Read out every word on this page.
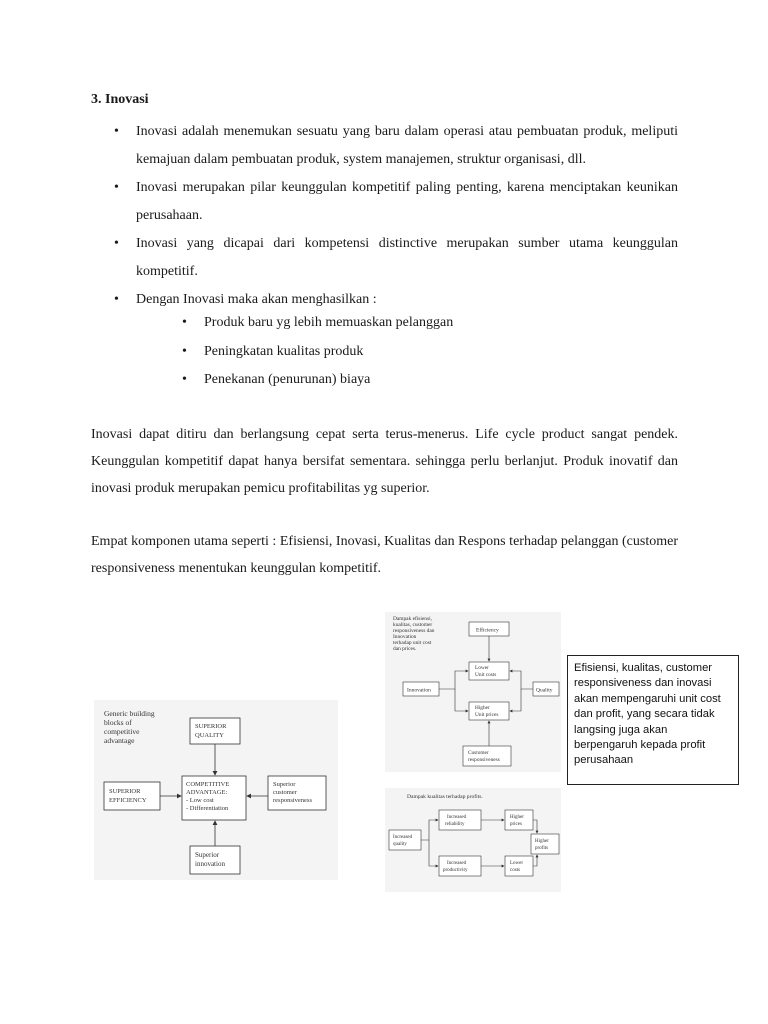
3. Inovasi
• Inovasi adalah menemukan sesuatu yang baru dalam operasi atau pembuatan produk, meliputi kemajuan dalam pembuatan produk, system manajemen, struktur organisasi, dll.
• Inovasi merupakan pilar keunggulan kompetitif paling penting, karena menciptakan keunikan perusahaan.
• Inovasi yang dicapai dari kompetensi distinctive merupakan sumber utama keunggulan kompetitif.
• Dengan Inovasi maka akan menghasilkan :
• Produk baru yg lebih memuaskan pelanggan
• Peningkatan kualitas produk
• Penekanan (penurunan) biaya

Inovasi dapat ditiru dan berlangsung cepat serta terus-menerus. Life cycle product sangat pendek. Keunggulan kompetitif dapat hanya bersifat sementara. sehingga perlu berlanjut. Produk inovatif dan inovasi produk merupakan pemicu profitabilitas yg superior.

Empat komponen utama seperti : Efisiensi, Inovasi, Kualitas dan Respons terhadap pelanggan (customer responsiveness menentukan keunggulan kompetitif.

Generic building
blocks of
competitive
advantage
SUPERIOR
QUALITY
SUPERIOR
EFFICIENCY
COMPETITIVE
ADVANTAGE:
- Low cost
- Differentiation
Superior
customer
responsiveness
Superior
innovation
Dampak efisiensi,
kualitas, customer
responsiveness dan
Innovation
terhadap unit cost
dan prices.
Efficiency
Lower
Unit costs
Innovation	Quality
Higher
Unit prices
Customer
responsiveness
Dampak kualitas terhadap profits.
Increased
quality
Increased
reliability
Higher
prices
Increased
productivity
Lower
costs
Higher
profits
Efisiensi, kualitas, customer responsiveness dan inovasi akan mempengaruhi unit cost dan profit, yang secara tidak langsing juga akan berpengaruh kepada profit perusahaan
